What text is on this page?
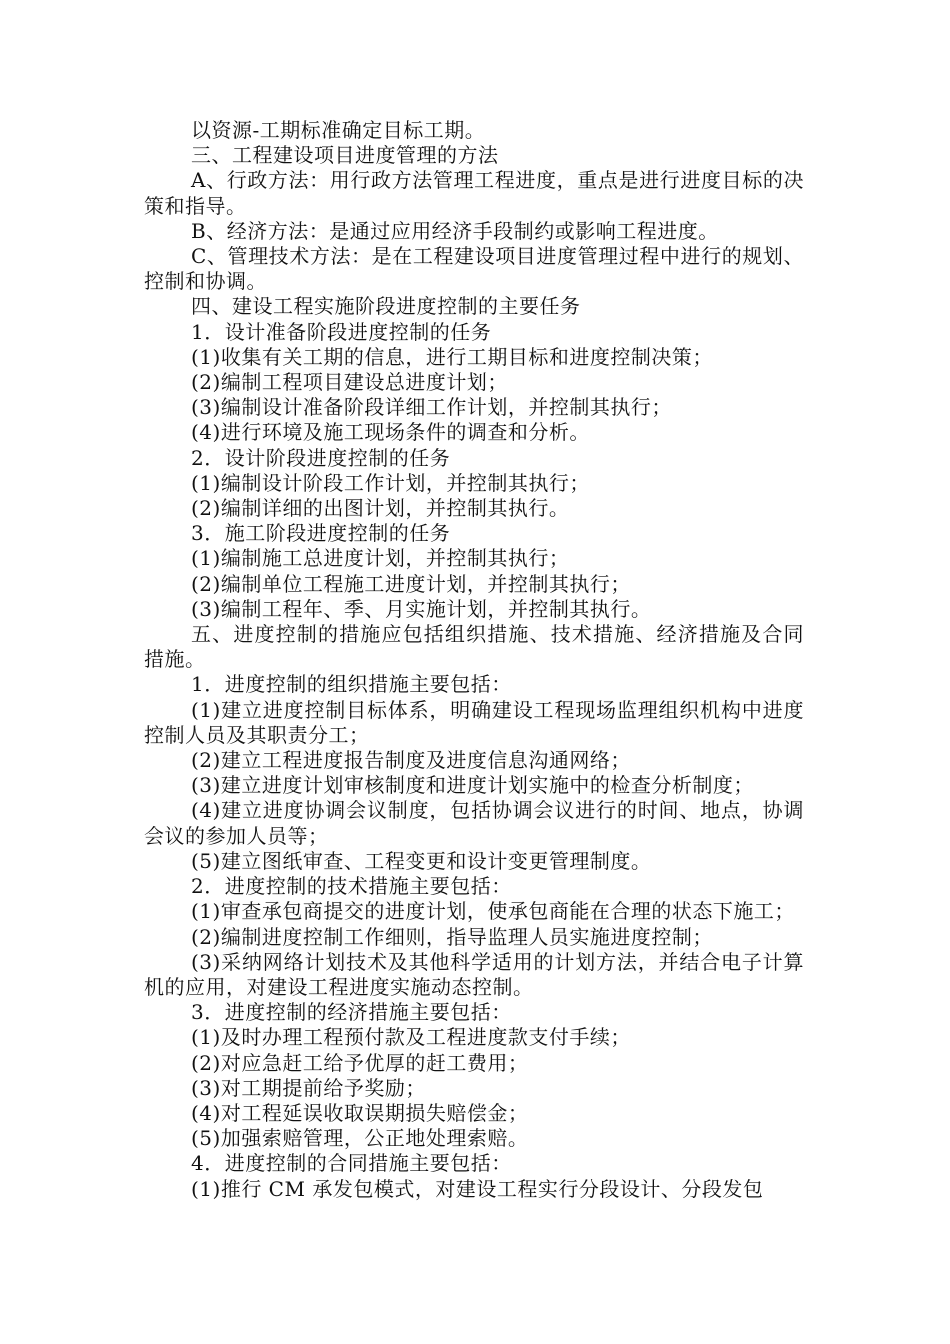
以资源-工期标准确定目标工期。

三、工程建设项目进度管理的方法

A、行政方法：用行政方法管理工程进度，重点是进行进度目标的决策和指导。

B、经济方法：是通过应用经济手段制约或影响工程进度。

C、管理技术方法：是在工程建设项目进度管理过程中进行的规划、控制和协调。

四、建设工程实施阶段进度控制的主要任务

1．设计准备阶段进度控制的任务

(1)收集有关工期的信息，进行工期目标和进度控制决策；

(2)编制工程项目建设总进度计划；

(3)编制设计准备阶段详细工作计划，并控制其执行；

(4)进行环境及施工现场条件的调查和分析。

2．设计阶段进度控制的任务

(1)编制设计阶段工作计划，并控制其执行；

(2)编制详细的出图计划，并控制其执行。

3．施工阶段进度控制的任务

(1)编制施工总进度计划，并控制其执行；

(2)编制单位工程施工进度计划，并控制其执行；

(3)编制工程年、季、月实施计划，并控制其执行。

五、进度控制的措施应包括组织措施、技术措施、经济措施及合同措施。

1．进度控制的组织措施主要包括：

(1)建立进度控制目标体系，明确建设工程现场监理组织机构中进度控制人员及其职责分工；

(2)建立工程进度报告制度及进度信息沟通网络；

(3)建立进度计划审核制度和进度计划实施中的检查分析制度；

(4)建立进度协调会议制度，包括协调会议进行的时间、地点，协调会议的参加人员等；

(5)建立图纸审查、工程变更和设计变更管理制度。

2．进度控制的技术措施主要包括：

(1)审查承包商提交的进度计划，使承包商能在合理的状态下施工；

(2)编制进度控制工作细则，指导监理人员实施进度控制；

(3)采纳网络计划技术及其他科学适用的计划方法，并结合电子计算机的应用，对建设工程进度实施动态控制。

3．进度控制的经济措施主要包括：

(1)及时办理工程预付款及工程进度款支付手续；

(2)对应急赶工给予优厚的赶工费用；

(3)对工期提前给予奖励；

(4)对工程延误收取误期损失赔偿金；

(5)加强索赔管理，公正地处理索赔。

4．进度控制的合同措施主要包括：

(1)推行 CM 承发包模式，对建设工程实行分段设计、分段发包
